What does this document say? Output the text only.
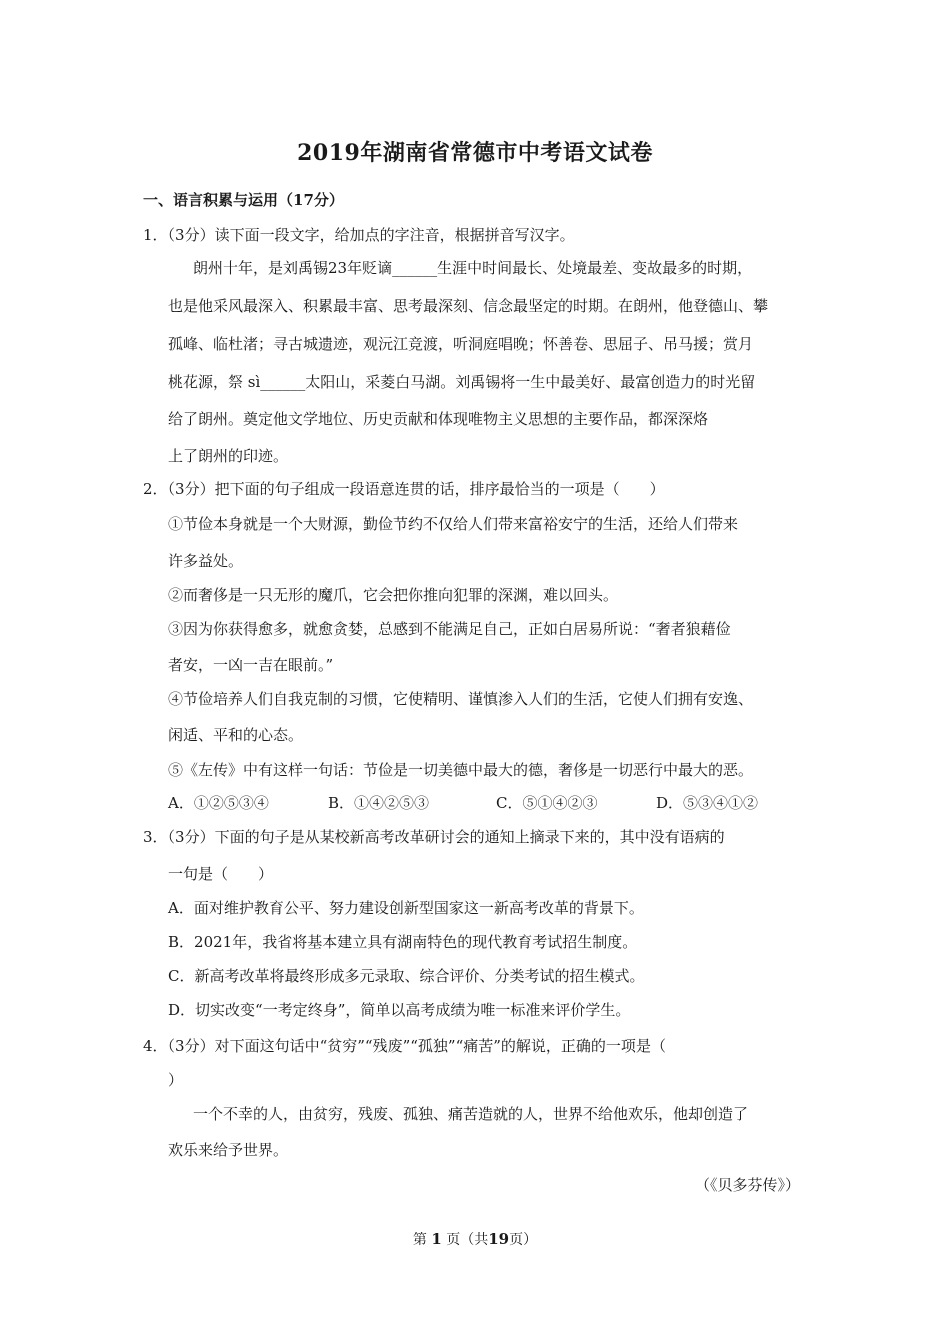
2019年湖南省常德市中考语文试卷
一、语言积累与运用（17分）
1．（3分）读下面一段文字，给加点的字注音，根据拼音写汉字。
朗州十年，是刘禹锡23年贬谪______生涯中时间最长、处境最差、变故最多的时期，
也是他采风最深入、积累最丰富、思考最深刻、信念最坚定的时期。在朗州，他登德山、攀
孤峰、临杜渚；寻古城遗迹，观沅江竞渡，听洞庭唱晚；怀善卷、思屈子、吊马援；赏月
桃花源，祭 sì______太阳山，采菱白马湖。刘禹锡将一生中最美好、最富创造力的时光留
给了朗州。奠定他文学地位、历史贡献和体现唯物主义思想的主要作品，都深深烙
上了朗州的印迹。
2．（3分）把下面的句子组成一段语意连贯的话，排序最恰当的一项是（　　）
①节俭本身就是一个大财源，勤俭节约不仅给人们带来富裕安宁的生活，还给人们带来
许多益处。
②而奢侈是一只无形的魔爪，它会把你推向犯罪的深渊，难以回头。
③因为你获得愈多，就愈贪婪，总感到不能满足自己，正如白居易所说：“奢者狼藉俭
者安，一凶一吉在眼前。”
④节俭培养人们自我克制的习惯，它使精明、谨慎渗入人们的生活，它使人们拥有安逸、
闲适、平和的心态。
⑤《左传》中有这样一句话：节俭是一切美德中最大的德，奢侈是一切恶行中最大的恶。
A．①②⑤③④	B．①④②⑤③	C．⑤①④②③	D．⑤③④①②
3．（3分）下面的句子是从某校新高考改革研讨会的通知上摘录下来的，其中没有语病的
一句是（　　）
A．面对维护教育公平、努力建设创新型国家这一新高考改革的背景下。
B．2021年，我省将基本建立具有湖南特色的现代教育考试招生制度。
C．新高考改革将最终形成多元录取、综合评价、分类考试的招生模式。
D．切实改变“一考定终身”，简单以高考成绩为唯一标准来评价学生。
4．（3分）对下面这句话中“贫穷”“残废”“孤独”“痛苦”的解说，正确的一项是（
）
一个不幸的人，由贫穷，残废、孤独、痛苦造就的人，世界不给他欢乐，他却创造了
欢乐来给予世界。
（《贝多芬传》）
第 1 页（共19页）
